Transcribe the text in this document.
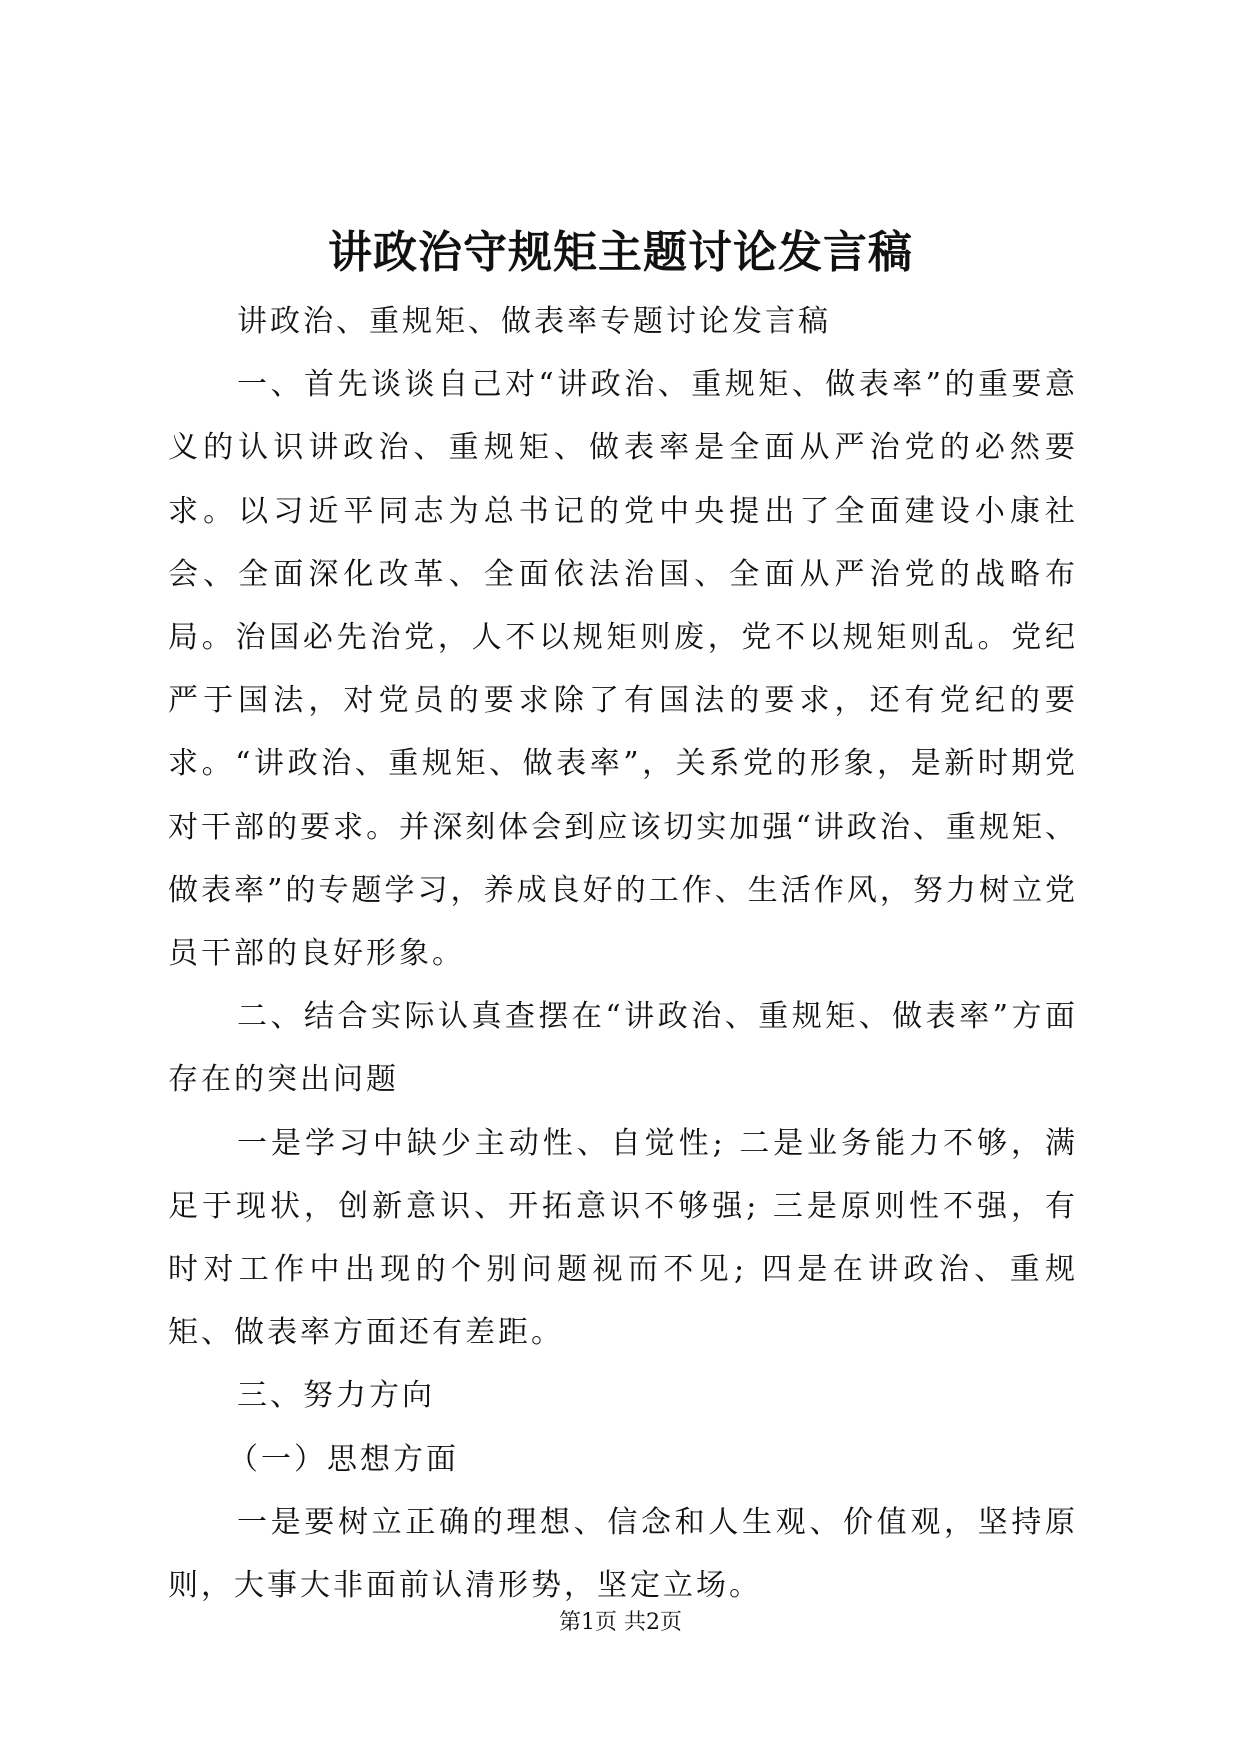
讲政治守规矩主题讨论发言稿

讲政治、重规矩、做表率专题讨论发言稿

一、首先谈谈自己对“讲政治、重规矩、做表率”的重要意义的认识讲政治、重规矩、做表率是全面从严治党的必然要求。以习近平同志为总书记的党中央提出了全面建设小康社会、全面深化改革、全面依法治国、全面从严治党的战略布局。治国必先治党，人不以规矩则废，党不以规矩则乱。党纪严于国法，对党员的要求除了有国法的要求，还有党纪的要求。“讲政治、重规矩、做表率”，关系党的形象，是新时期党对干部的要求。并深刻体会到应该切实加强“讲政治、重规矩、做表率”的专题学习，养成良好的工作、生活作风，努力树立党员干部的良好形象。

二、结合实际认真查摆在“讲政治、重规矩、做表率”方面存在的突出问题

一是学习中缺少主动性、自觉性; 二是业务能力不够，满足于现状，创新意识、开拓意识不够强; 三是原则性不强，有时对工作中出现的个别问题视而不见; 四是在讲政治、重规矩、做表率方面还有差距。

三、努力方向

（一）思想方面

一是要树立正确的理想、信念和人生观、价值观，坚持原则，大事大非面前认清形势，坚定立场。

第1页 共2页
